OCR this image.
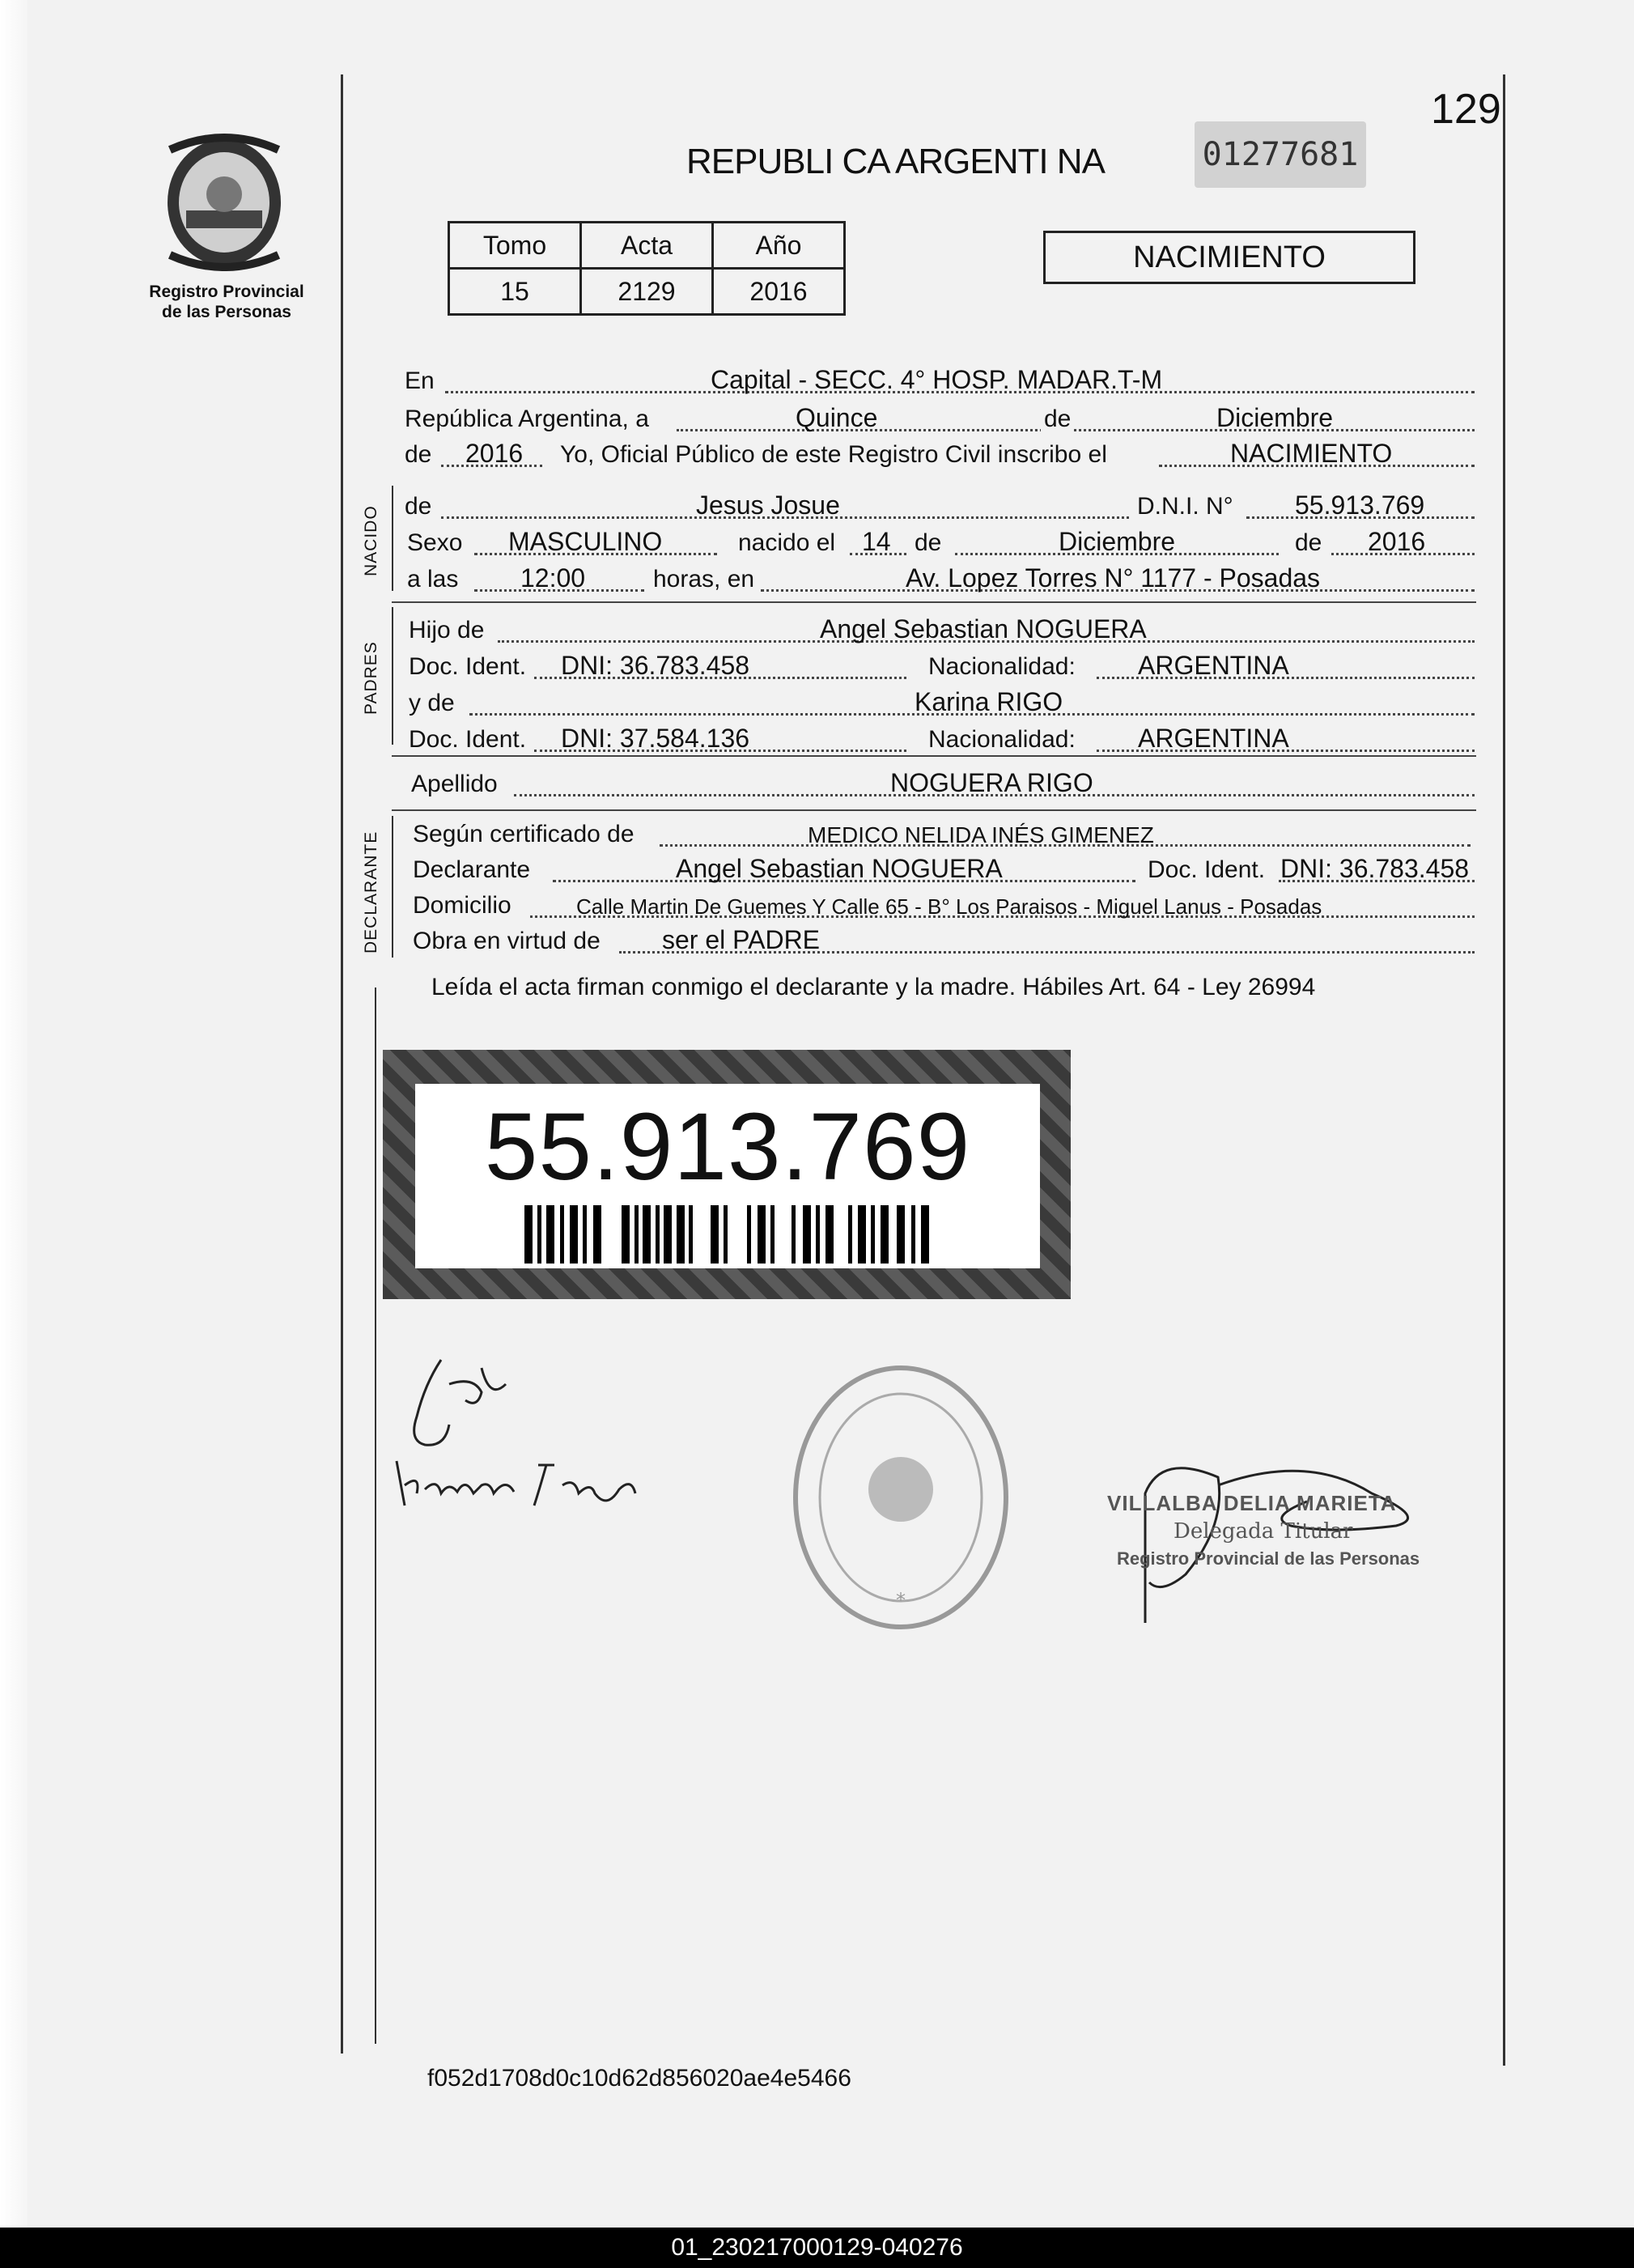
129
Registro Provincial
de las Personas
REPUBLI CA ARGENTI NA	01277681
Tomo	Acta	Año
15	2129	2016
NACIMIENTO
En	Capital - SECC. 4° HOSP. MADAR.T-M
República Argentina, a	Quince	de	Diciembre
de 2016 Yo, Oficial Público de este Registro Civil inscribo el	NACIMIENTO
NACIDO de	Jesus Josue	D.N.I. N° 55.913.769
Sexo MASCULINO	nacido el 14 de	Diciembre	de 2016
a las 12:00	horas, en	Av. Lopez Torres N° 1177 - Posadas
PADRES
Hijo de	Angel Sebastian NOGUERA
Doc. Ident. DNI: 36.783.458	Nacionalidad: ARGENTINA
y de	Karina RIGO
Doc. Ident. DNI: 37.584.136	Nacionalidad: ARGENTINA
Apellido	NOGUERA RIGO
DECLARANTE Según certificado de	MEDICO NELIDA INÉS GIMENEZ
Declarante	Angel Sebastian NOGUERA	Doc. Ident. DNI: 36.783.458
Domicilio	Calle Martin De Guemes Y Calle 65 - B° Los Paraisos - Miguel Lanus - Posadas
Obra en virtud de ser el PADRE
Leída el acta firman conmigo el declarante y la madre. Hábiles Art. 64 - Ley 26994
55.913.769
*
VILLALBA DELIA MARIETA
Delegada Titular
Registro Provincial de las Personas
f052d1708d0c10d62d856020ae4e5466
01_230217000129-040276
